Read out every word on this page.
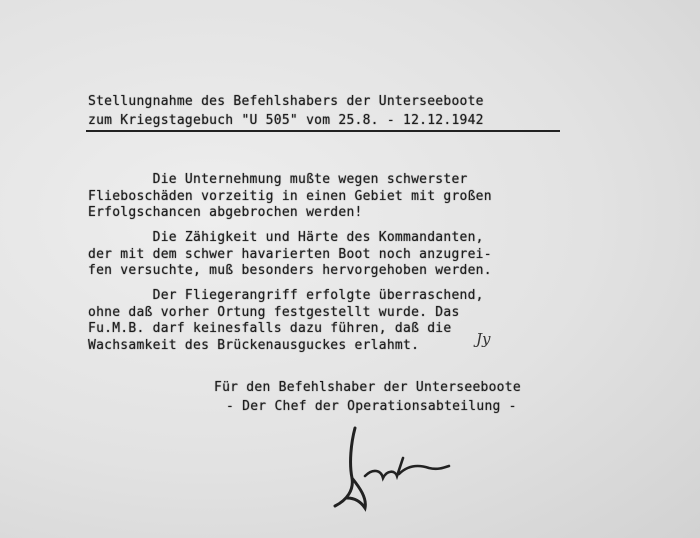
Stellungnahme des Befehlshabers der Unterseeboote
zum Kriegstagebuch "U 505" vom 25.8. - 12.12.1942
Die Unternehmung mußte wegen schwerster
Flieboschäden vorzeitig in einen Gebiet mit großen
Erfolgschancen abgebrochen werden!
Die Zähigkeit und Härte des Kommandanten,
der mit dem schwer havarierten Boot noch anzugrei-
fen versuchte, muß besonders hervorgehoben werden.
Der Fliegerangriff erfolgte überraschend,
ohne daß vorher Ortung festgestellt wurde. Das
Fu.M.B. darf keinesfalls dazu führen, daß die
Wachsamkeit des Brückenausguckes erlahmt.	Jy
Für den Befehlshaber der Unterseeboote
- Der Chef der Operationsabteilung -
